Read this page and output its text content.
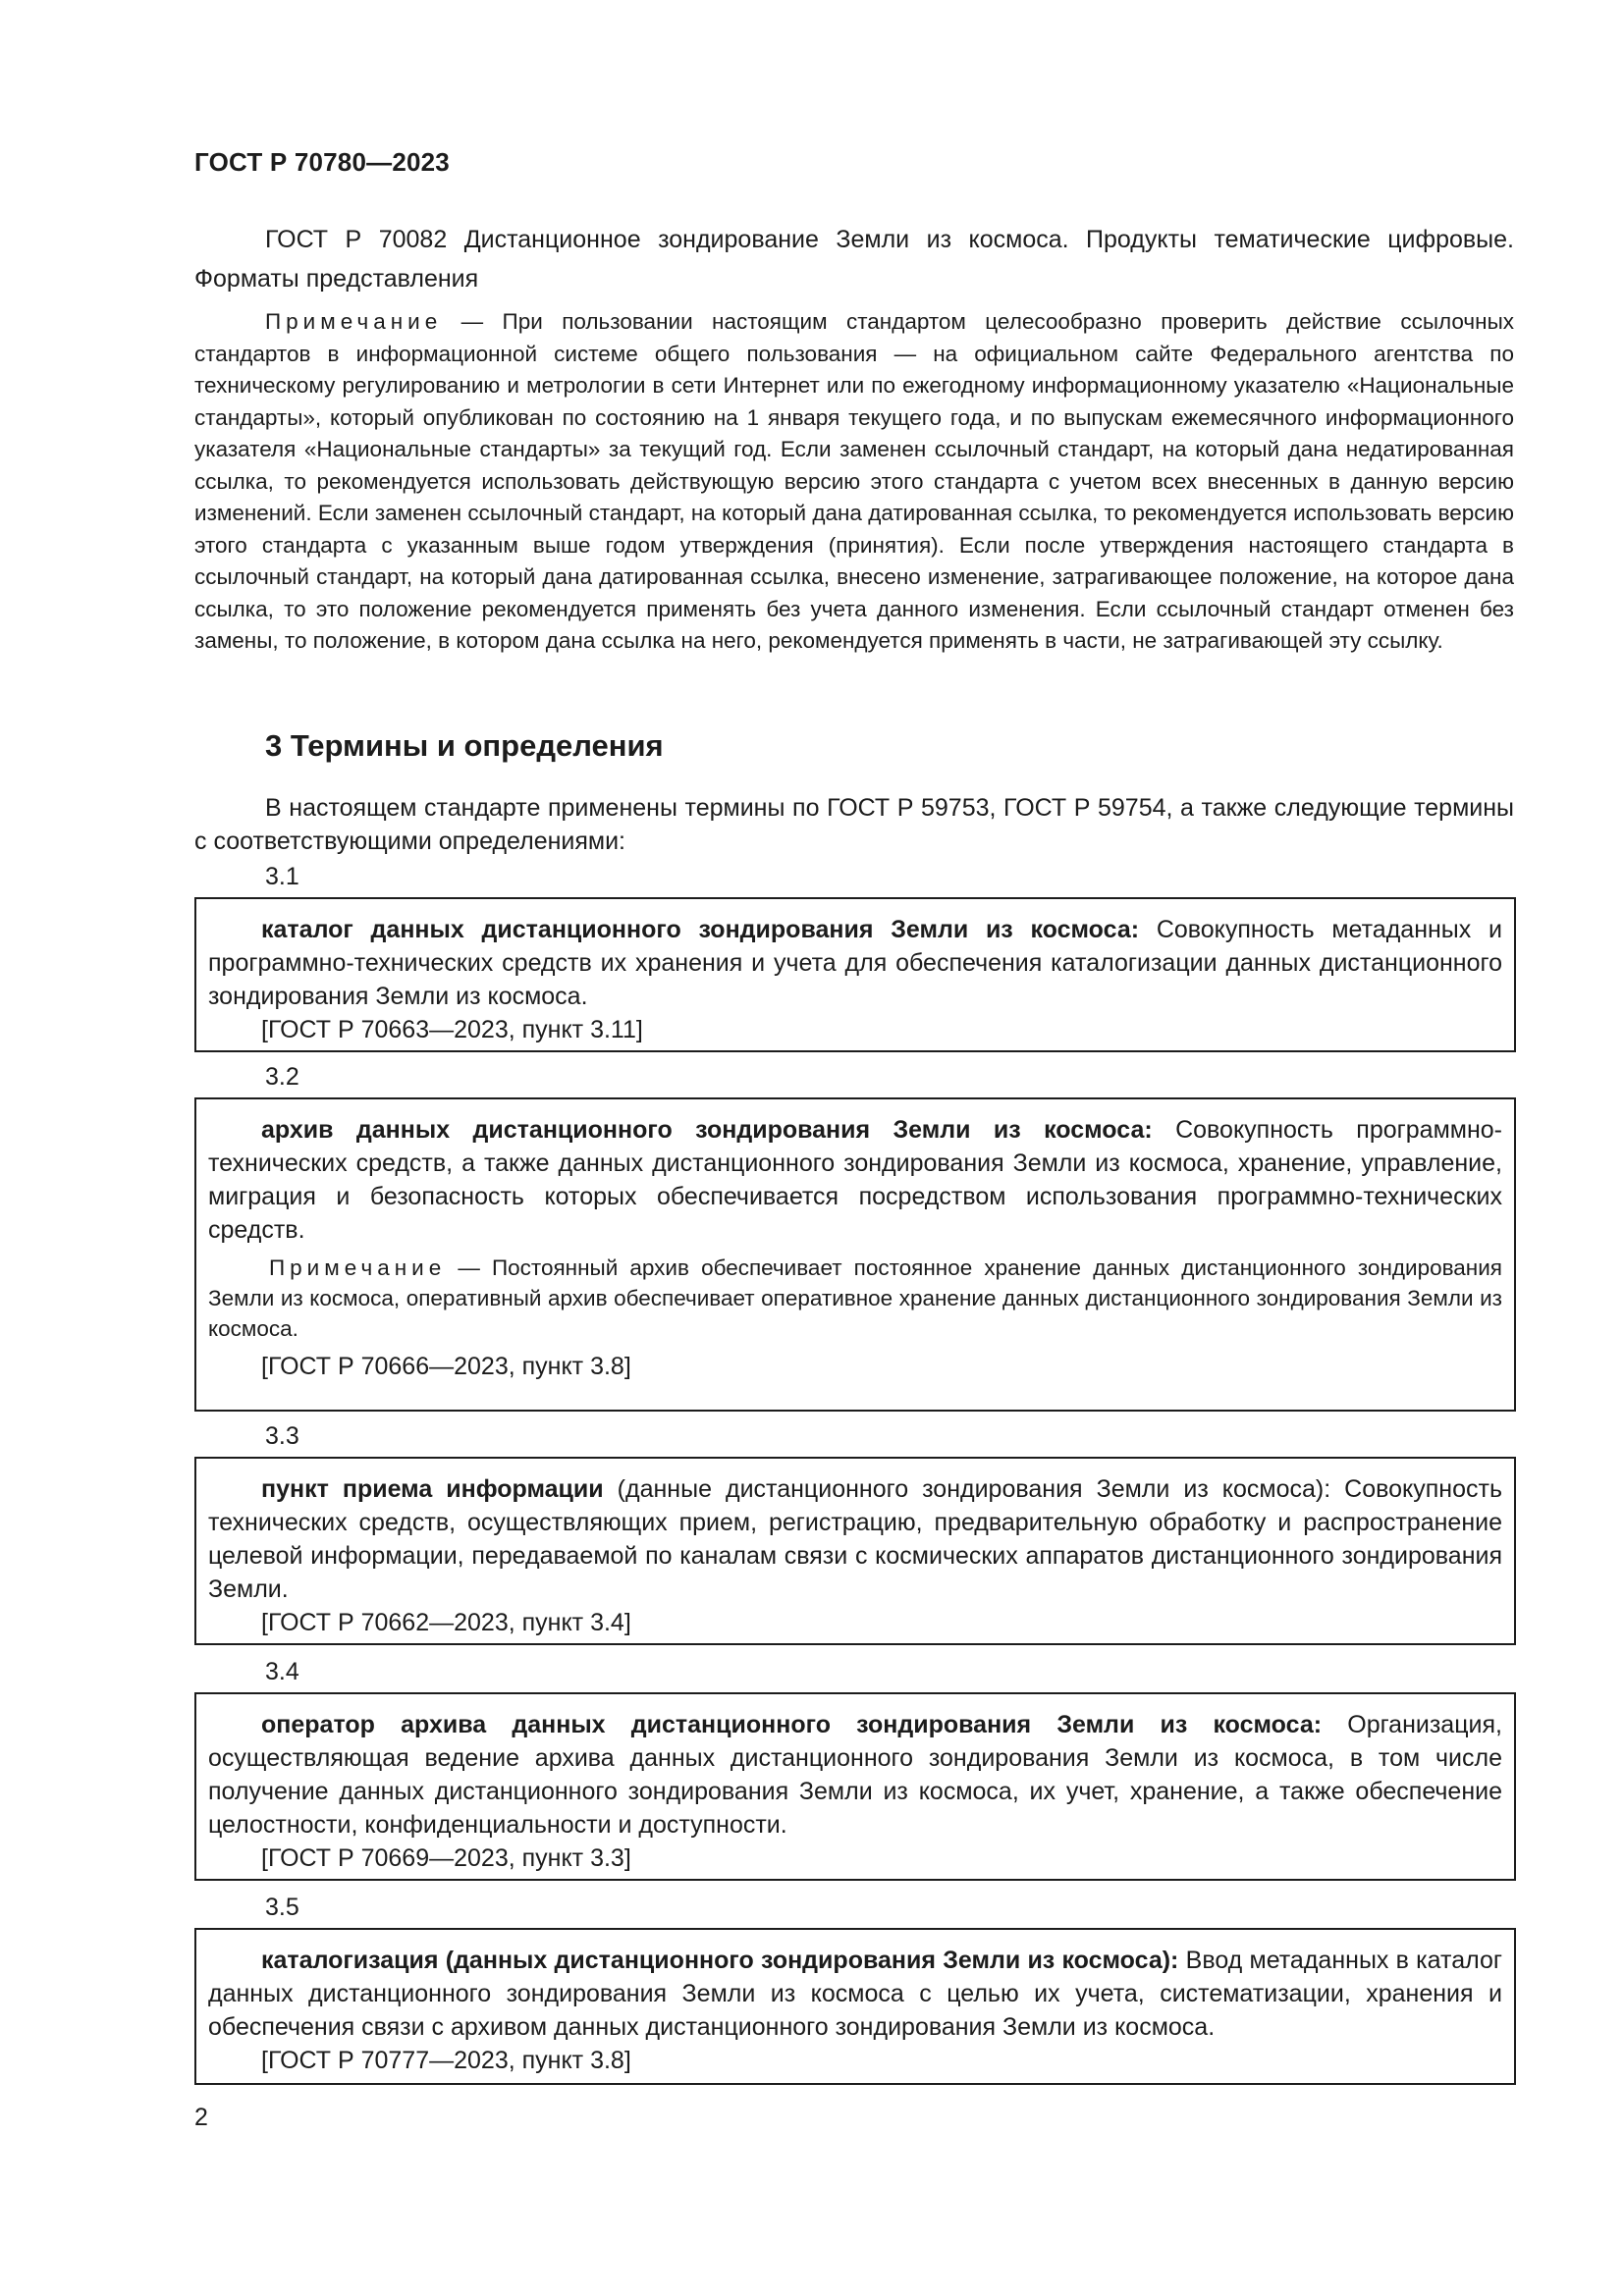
ГОСТ Р 70780—2023

ГОСТ Р 70082 Дистанционное зондирование Земли из космоса. Продукты тематические цифровые. Форматы представления

Примечание — При пользовании настоящим стандартом целесообразно проверить действие ссылочных стандартов в информационной системе общего пользования — на официальном сайте Федерального агентства по техническому регулированию и метрологии в сети Интернет или по ежегодному информационному указателю «Национальные стандарты», который опубликован по состоянию на 1 января текущего года, и по выпускам ежемесячного информационного указателя «Национальные стандарты» за текущий год. Если заменен ссылочный стандарт, на который дана недатированная ссылка, то рекомендуется использовать действующую версию этого стандарта с учетом всех внесенных в данную версию изменений. Если заменен ссылочный стандарт, на который дана датированная ссылка, то рекомендуется использовать версию этого стандарта с указанным выше годом утверждения (принятия). Если после утверждения настоящего стандарта в ссылочный стандарт, на который дана датированная ссылка, внесено изменение, затрагивающее положение, на которое дана ссылка, то это положение рекомендуется применять без учета данного изменения. Если ссылочный стандарт отменен без замены, то положение, в котором дана ссылка на него, рекомендуется применять в части, не затрагивающей эту ссылку.

3 Термины и определения

В настоящем стандарте применены термины по ГОСТ Р 59753, ГОСТ Р 59754, а также следующие термины с соответствующими определениями:

3.1

каталог данных дистанционного зондирования Земли из космоса: Совокупность метаданных и программно-технических средств их хранения и учета для обеспечения каталогизации данных дистанционного зондирования Земли из космоса.

[ГОСТ Р 70663—2023, пункт 3.11]

3.2

архив данных дистанционного зондирования Земли из космоса: Совокупность программно-технических средств, а также данных дистанционного зондирования Земли из космоса, хранение, управление, миграция и безопасность которых обеспечивается посредством использования программно-технических средств.

Примечание — Постоянный архив обеспечивает постоянное хранение данных дистанционного зондирования Земли из космоса, оперативный архив обеспечивает оперативное хранение данных дистанционного зондирования Земли из космоса.

[ГОСТ Р 70666—2023, пункт 3.8]

3.3

пункт приема информации (данные дистанционного зондирования Земли из космоса): Совокупность технических средств, осуществляющих прием, регистрацию, предварительную обработку и распространение целевой информации, передаваемой по каналам связи с космических аппаратов дистанционного зондирования Земли.

[ГОСТ Р 70662—2023, пункт 3.4]

3.4

оператор архива данных дистанционного зондирования Земли из космоса: Организация, осуществляющая ведение архива данных дистанционного зондирования Земли из космоса, в том числе получение данных дистанционного зондирования Земли из космоса, их учет, хранение, а также обеспечение целостности, конфиденциальности и доступности.

[ГОСТ Р 70669—2023, пункт 3.3]

3.5

каталогизация (данных дистанционного зондирования Земли из космоса): Ввод метаданных в каталог данных дистанционного зондирования Земли из космоса с целью их учета, систематизации, хранения и обеспечения связи с архивом данных дистанционного зондирования Земли из космоса.

[ГОСТ Р 70777—2023, пункт 3.8]

2
